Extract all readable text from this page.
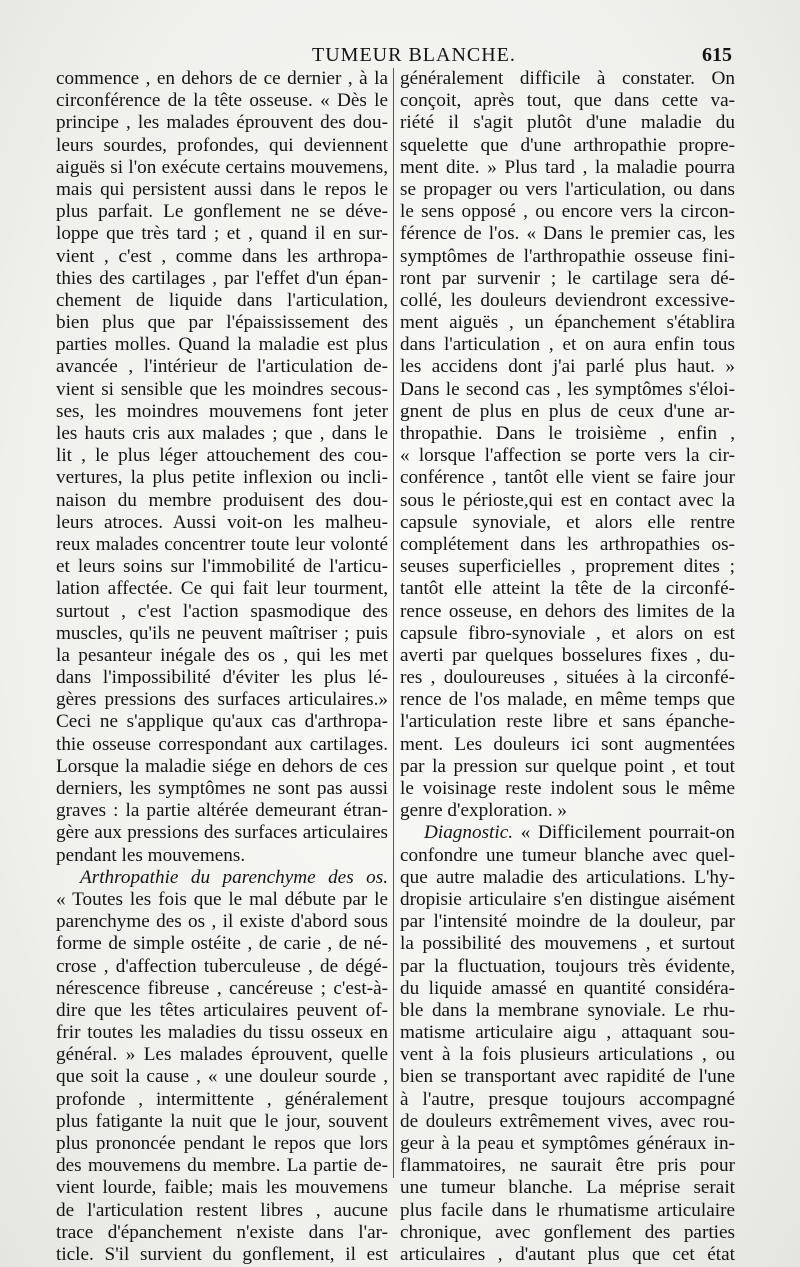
TUMEUR BLANCHE.	615
commence , en dehors de ce dernier , à la
circonférence de la tête osseuse. « Dès le
principe , les malades éprouvent des dou-
leurs sourdes, profondes, qui deviennent
aiguës si l'on exécute certains mouvemens,
mais qui persistent aussi dans le repos le
plus parfait. Le gonflement ne se déve-
loppe que très tard ; et , quand il en sur-
vient , c'est , comme dans les arthropa-
thies des cartilages , par l'effet d'un épan-
chement de liquide dans l'articulation,
bien plus que par l'épaississement des
parties molles. Quand la maladie est plus
avancée , l'intérieur de l'articulation de-
vient si sensible que les moindres secous-
ses, les moindres mouvemens font jeter
les hauts cris aux malades ; que , dans le
lit , le plus léger attouchement des cou-
vertures, la plus petite inflexion ou incli-
naison du membre produisent des dou-
leurs atroces. Aussi voit-on les malheu-
reux malades concentrer toute leur volonté
et leurs soins sur l'immobilité de l'articu-
lation affectée. Ce qui fait leur tourment,
surtout , c'est l'action spasmodique des
muscles, qu'ils ne peuvent maîtriser ; puis
la pesanteur inégale des os , qui les met
dans l'impossibilité d'éviter les plus lé-
gères pressions des surfaces articulaires.»
Ceci ne s'applique qu'aux cas d'arthropa-
thie osseuse correspondant aux cartilages.
Lorsque la maladie siége en dehors de ces
derniers, les symptômes ne sont pas aussi
graves : la partie altérée demeurant étran-
gère aux pressions des surfaces articulaires
pendant les mouvemens.
Arthropathie du parenchyme des os.
« Toutes les fois que le mal débute par le
parenchyme des os , il existe d'abord sous
forme de simple ostéite , de carie , de né-
crose , d'affection tuberculeuse , de dégé-
nérescence fibreuse , cancéreuse ; c'est-à-
dire que les têtes articulaires peuvent of-
frir toutes les maladies du tissu osseux en
général. » Les malades éprouvent, quelle
que soit la cause , « une douleur sourde ,
profonde , intermittente , généralement
plus fatigante la nuit que le jour, souvent
plus prononcée pendant le repos que lors
des mouvemens du membre. La partie de-
vient lourde, faible; mais les mouvemens
de l'articulation restent libres , aucune
trace d'épanchement n'existe dans l'ar-
ticle. S'il survient du gonflement, il est
généralement difficile à constater. On
conçoit, après tout, que dans cette va-
riété il s'agit plutôt d'une maladie du
squelette que d'une arthropathie propre-
ment dite. » Plus tard , la maladie pourra
se propager ou vers l'articulation, ou dans
le sens opposé , ou encore vers la circon-
férence de l'os. « Dans le premier cas, les
symptômes de l'arthropathie osseuse fini-
ront par survenir ; le cartilage sera dé-
collé, les douleurs deviendront excessive-
ment aiguës , un épanchement s'établira
dans l'articulation , et on aura enfin tous
les accidens dont j'ai parlé plus haut. »
Dans le second cas , les symptômes s'éloi-
gnent de plus en plus de ceux d'une ar-
thropathie. Dans le troisième , enfin ,
« lorsque l'affection se porte vers la cir-
conférence , tantôt elle vient se faire jour
sous le périoste,qui est en contact avec la
capsule synoviale, et alors elle rentre
complétement dans les arthropathies os-
seuses superficielles , proprement dites ;
tantôt elle atteint la tête de la circonfé-
rence osseuse, en dehors des limites de la
capsule fibro-synoviale , et alors on est
averti par quelques bosselures fixes , du-
res , douloureuses , situées à la circonfé-
rence de l'os malade, en même temps que
l'articulation reste libre et sans épanche-
ment. Les douleurs ici sont augmentées
par la pression sur quelque point , et tout
le voisinage reste indolent sous le même
genre d'exploration. »
Diagnostic. « Difficilement pourrait-on
confondre une tumeur blanche avec quel-
que autre maladie des articulations. L'hy-
dropisie articulaire s'en distingue aisément
par l'intensité moindre de la douleur, par
la possibilité des mouvemens , et surtout
par la fluctuation, toujours très évidente,
du liquide amassé en quantité considéra-
ble dans la membrane synoviale. Le rhu-
matisme articulaire aigu , attaquant sou-
vent à la fois plusieurs articulations , ou
bien se transportant avec rapidité de l'une
à l'autre, presque toujours accompagné
de douleurs extrêmement vives, avec rou-
geur à la peau et symptômes généraux in-
flammatoires, ne saurait être pris pour
une tumeur blanche. La méprise serait
plus facile dans le rhumatisme articulaire
chronique, avec gonflement des parties
articulaires , d'autant plus que cet état
